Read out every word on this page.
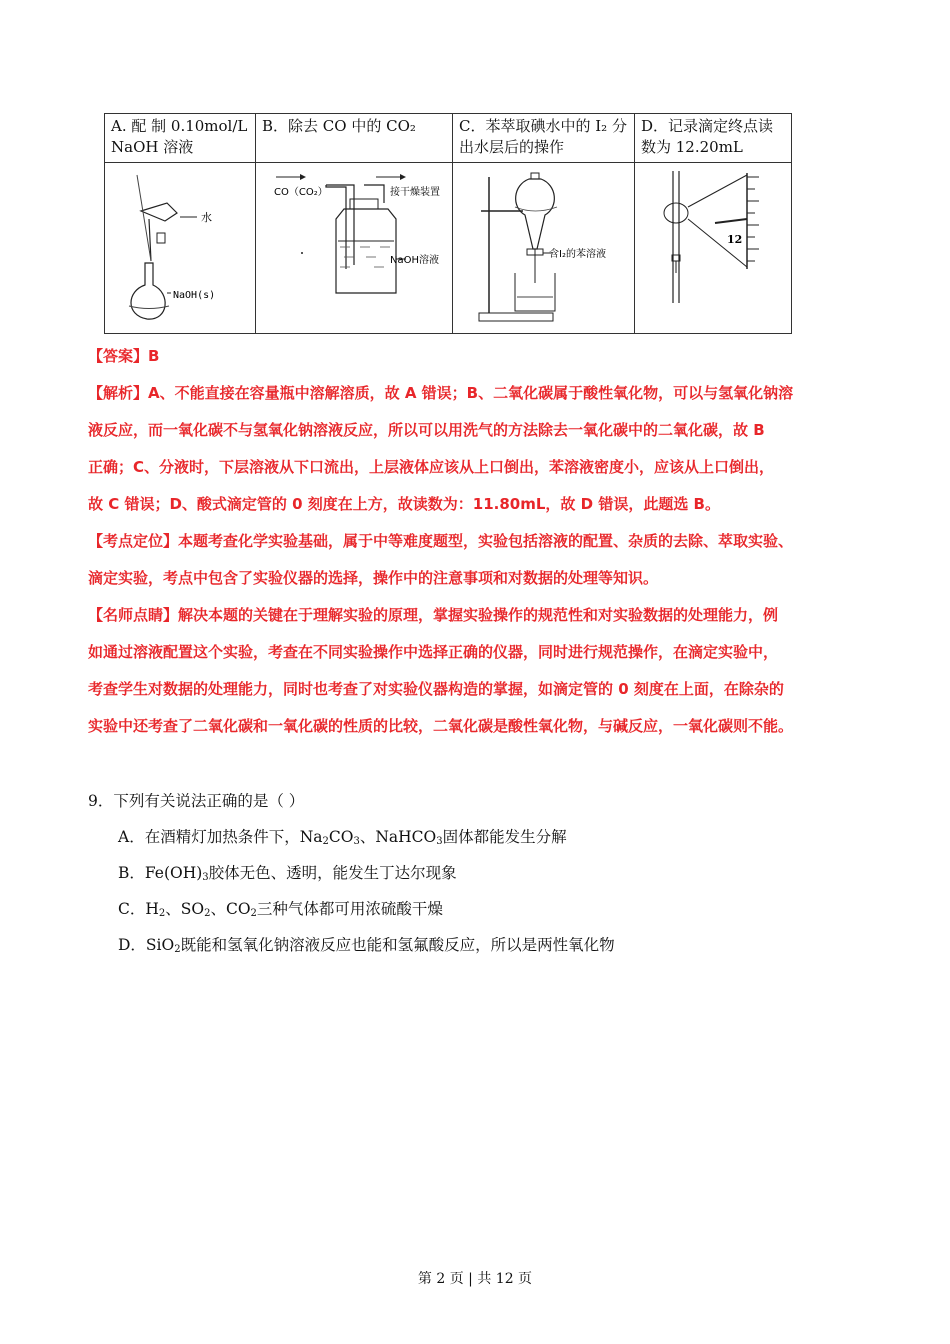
A. 配 制 0.10mol/L NaOH 溶液	B．除去 CO 中的 CO₂	C．苯萃取碘水中的 I₂ 分出水层后的操作	D．记录滴定终点读数为 12.20mL

水
NaOH(s)	CO（CO₂） 接干燥装置
NaOH溶液	含I₂的苯溶液	12
【答案】B
【解析】A、不能直接在容量瓶中溶解溶质，故 A 错误；B、二氧化碳属于酸性氧化物，可以与氢氧化钠溶
液反应，而一氧化碳不与氢氧化钠溶液反应，所以可以用洗气的方法除去一氧化碳中的二氧化碳，故 B
正确；C、分液时，下层溶液从下口流出，上层液体应该从上口倒出，苯溶液密度小，应该从上口倒出，
故 C 错误；D、酸式滴定管的 0 刻度在上方，故读数为：11.80mL，故 D 错误，此题选 B。
【考点定位】本题考查化学实验基础，属于中等难度题型，实验包括溶液的配置、杂质的去除、萃取实验、
滴定实验，考点中包含了实验仪器的选择，操作中的注意事项和对数据的处理等知识。
【名师点睛】解决本题的关键在于理解实验的原理，掌握实验操作的规范性和对实验数据的处理能力，例
如通过溶液配置这个实验，考查在不同实验操作中选择正确的仪器，同时进行规范操作，在滴定实验中，
考查学生对数据的处理能力，同时也考查了对实验仪器构造的掌握，如滴定管的 0 刻度在上面，在除杂的
实验中还考查了二氧化碳和一氧化碳的性质的比较，二氧化碳是酸性氧化物，与碱反应，一氧化碳则不能。
9．下列有关说法正确的是（ ）
A．在酒精灯加热条件下，$Na_2CO_3$、NaHCO$_3$固体都能发生分解
B．$Fe(OH)_3$胶体无色、透明，能发生丁达尔现象
C．$H_2$、$SO_2$、$CO_2$三种气体都可用浓硫酸干燥
D．SiO$_2$既能和氢氧化钠溶液反应也能和氢氟酸反应，所以是两性氧化物
第 2 页 | 共 12 页
